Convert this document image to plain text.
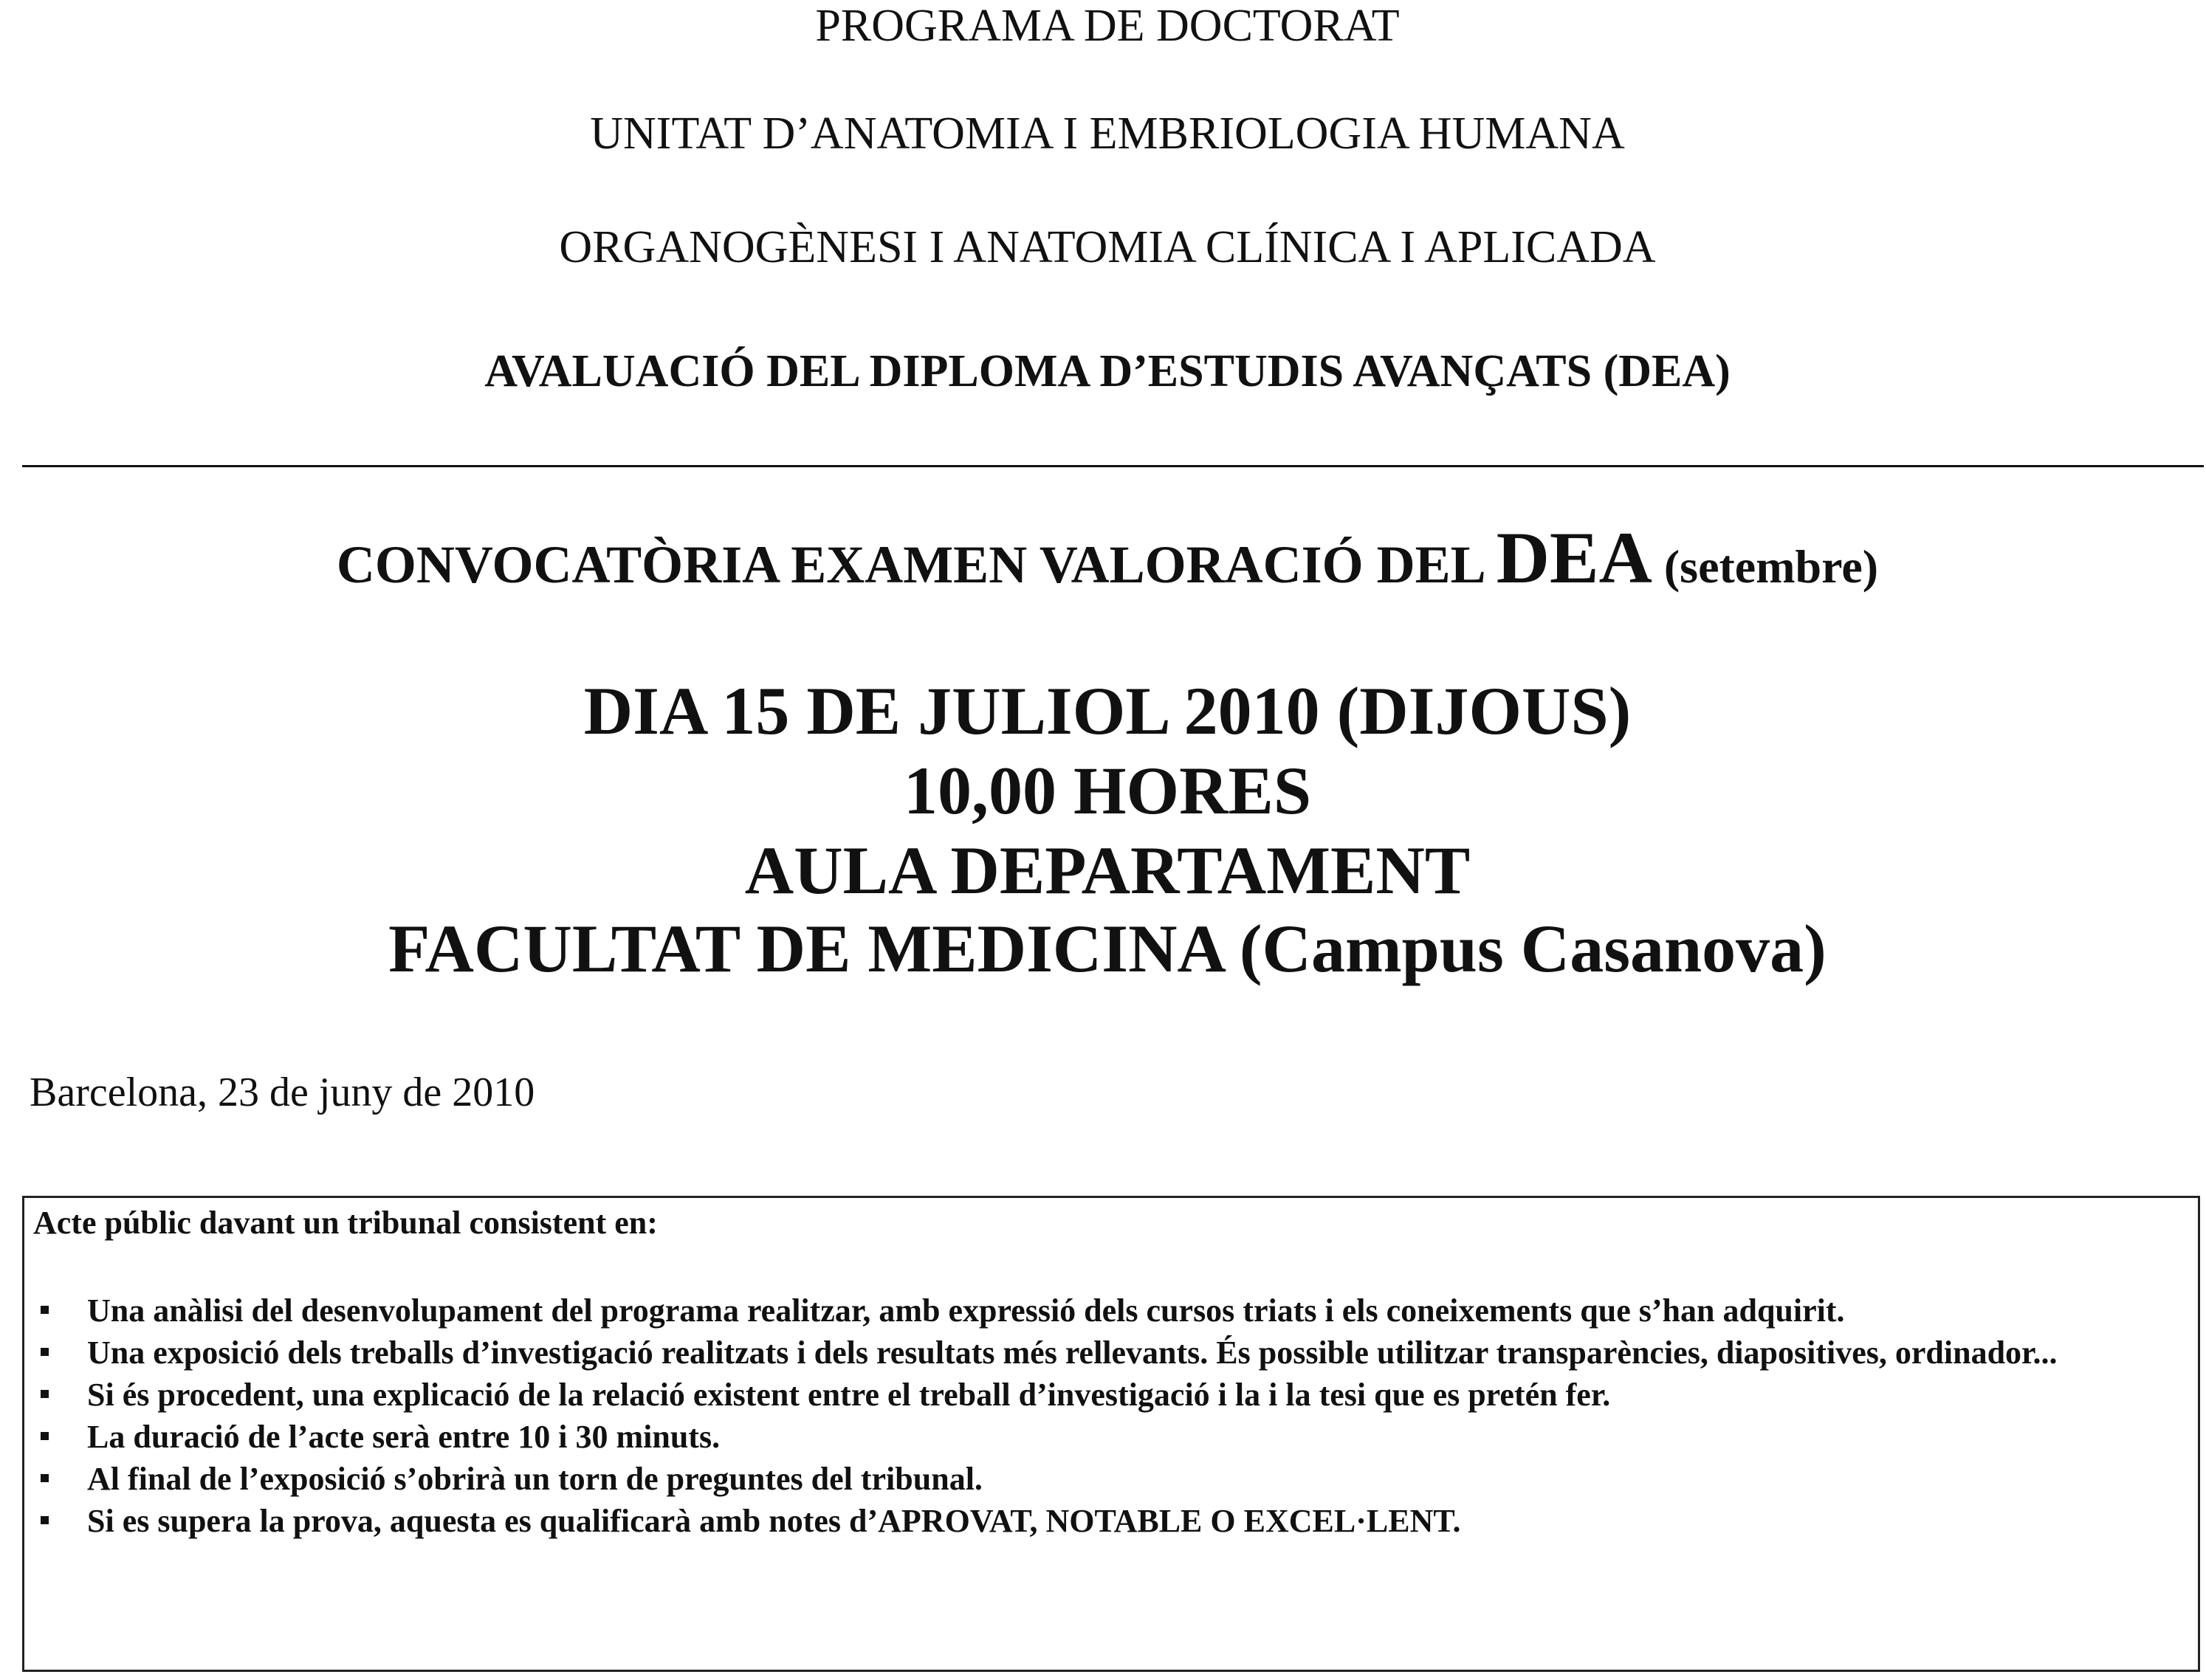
PROGRAMA DE DOCTORAT
UNITAT D’ANATOMIA I EMBRIOLOGIA HUMANA
ORGANOGÈNESI I ANATOMIA CLÍNICA I APLICADA
AVALUACIÓ DEL DIPLOMA D’ESTUDIS AVANÇATS (DEA)
CONVOCATÒRIA EXAMEN VALORACIÓ DEL DEA (setembre)
DIA 15 DE JULIOL 2010 (DIJOUS)
10,00 HORES
AULA DEPARTAMENT
FACULTAT DE MEDICINA (Campus Casanova)
Barcelona, 23 de juny de 2010
Acte públic davant un tribunal consistent en:
Una anàlisi del desenvolupament del programa realitzar, amb expressió dels cursos triats i els coneixements que s’han adquirit.
Una exposició dels treballs d’investigació realitzats i dels resultats més rellevants. És possible utilitzar transparències, diapositives, ordinador...
Si és procedent, una explicació de la relació existent entre el treball d’investigació i la i la tesi que es pretén fer.
La duració de l’acte serà entre 10 i 30 minuts.
Al final de l’exposició s’obrirà un torn de preguntes del tribunal.
Si es supera la prova, aquesta es qualificarà amb notes d’APROVAT, NOTABLE O EXCEL·LENT.
